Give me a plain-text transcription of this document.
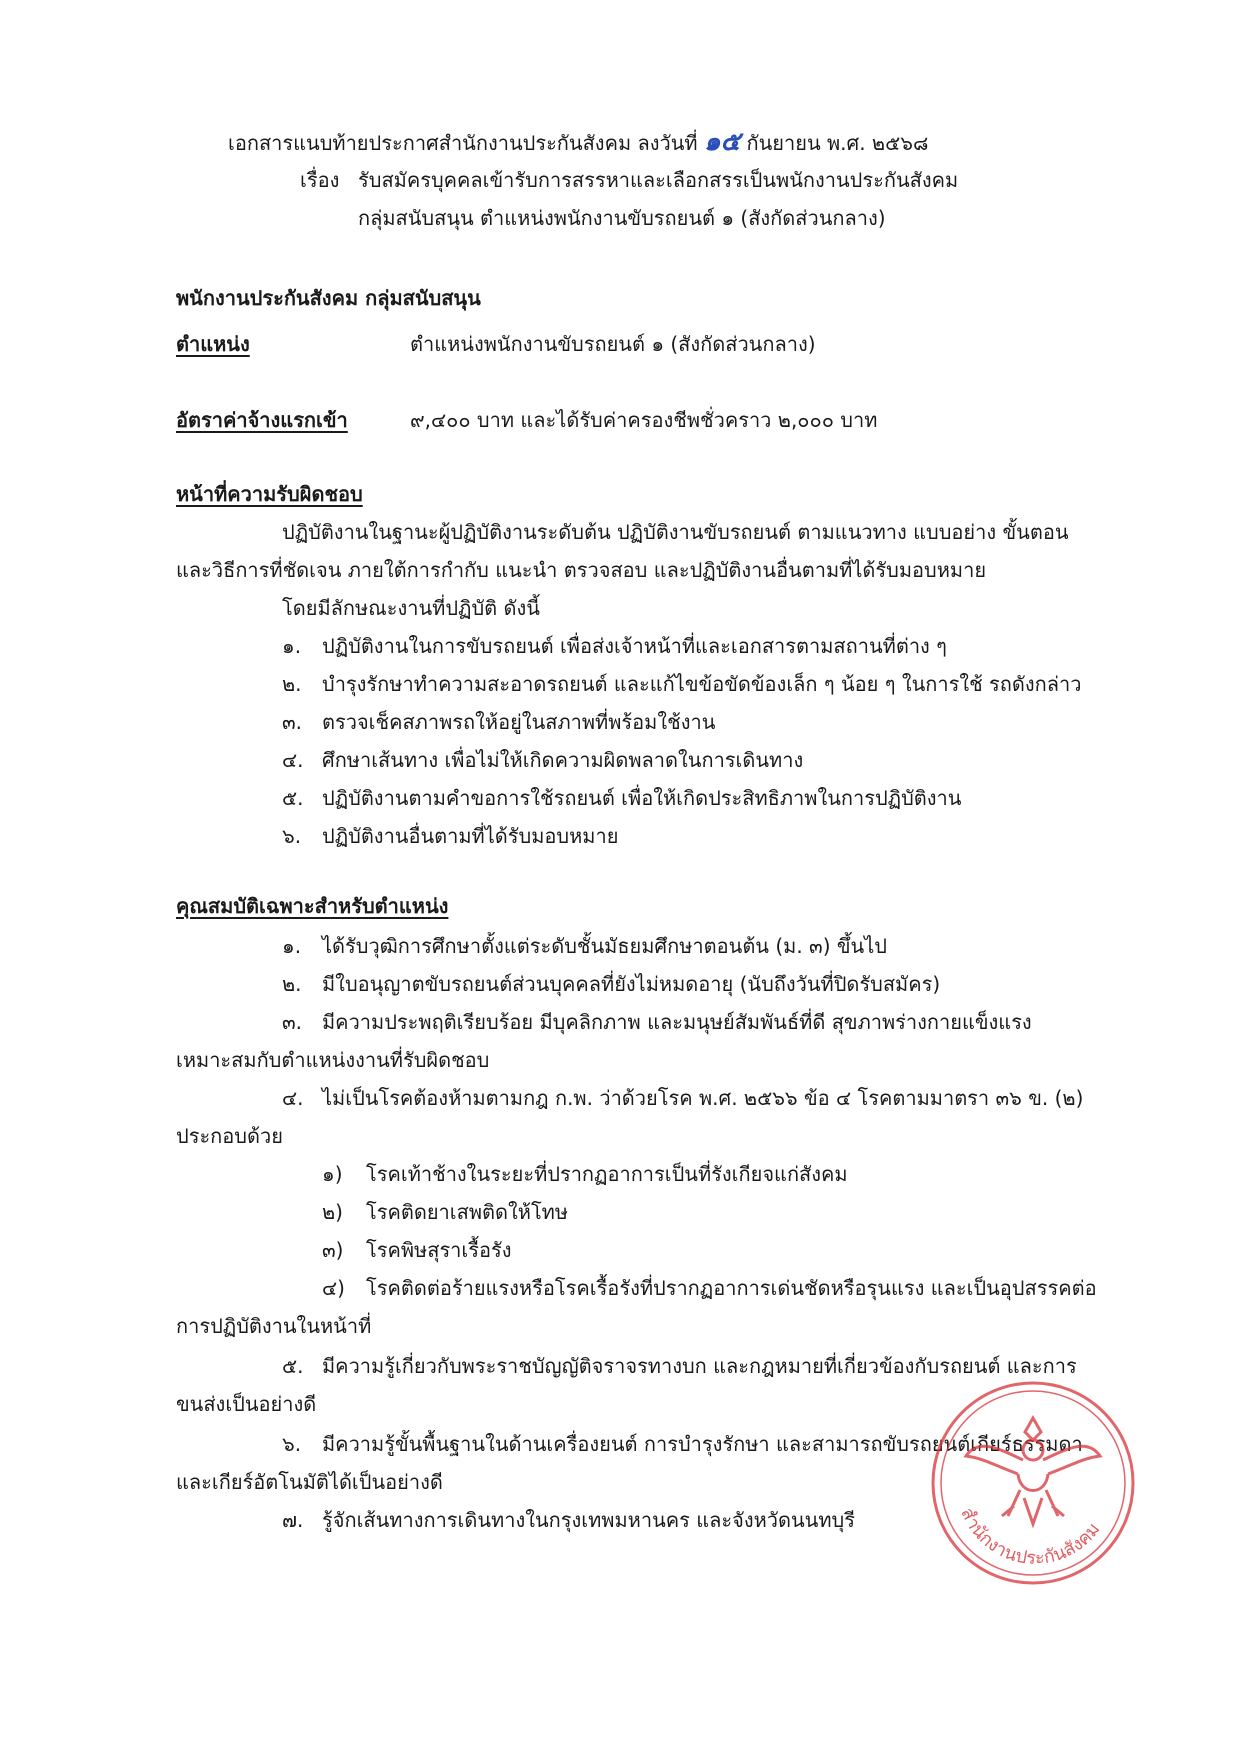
เอกสารแนบท้ายประกาศสำนักงานประกันสังคม ลงวันที่ ๑๕ กันยายน พ.ศ. ๒๕๖๘
เรื่อง รับสมัครบุคคลเข้ารับการสรรหาและเลือกสรรเป็นพนักงานประกันสังคม
กลุ่มสนับสนุน ตำแหน่งพนักงานขับรถยนต์ ๑ (สังกัดส่วนกลาง)
พนักงานประกันสังคม กลุ่มสนับสนุน
ตำแหน่ง	ตำแหน่งพนักงานขับรถยนต์ ๑ (สังกัดส่วนกลาง)
อัตราค่าจ้างแรกเข้า	๙,๔๐๐ บาท และได้รับค่าครองชีพชั่วคราว ๒,๐๐๐ บาท
หน้าที่ความรับผิดชอบ
ปฏิบัติงานในฐานะผู้ปฏิบัติงานระดับต้น ปฏิบัติงานขับรถยนต์ ตามแนวทาง แบบอย่าง ขั้นตอน
และวิธีการที่ชัดเจน ภายใต้การกำกับ แนะนำ ตรวจสอบ และปฏิบัติงานอื่นตามที่ได้รับมอบหมาย
โดยมีลักษณะงานที่ปฏิบัติ ดังนี้
๑. ปฏิบัติงานในการขับรถยนต์ เพื่อส่งเจ้าหน้าที่และเอกสารตามสถานที่ต่าง ๆ
๒. บำรุงรักษาทำความสะอาดรถยนต์ และแก้ไขข้อขัดข้องเล็ก ๆ น้อย ๆ ในการใช้ รถดังกล่าว
๓. ตรวจเช็คสภาพรถให้อยู่ในสภาพที่พร้อมใช้งาน
๔. ศึกษาเส้นทาง เพื่อไม่ให้เกิดความผิดพลาดในการเดินทาง
๕. ปฏิบัติงานตามคำขอการใช้รถยนต์ เพื่อให้เกิดประสิทธิภาพในการปฏิบัติงาน
๖. ปฏิบัติงานอื่นตามที่ได้รับมอบหมาย
คุณสมบัติเฉพาะสำหรับตำแหน่ง
๑. ได้รับวุฒิการศึกษาตั้งแต่ระดับชั้นมัธยมศึกษาตอนต้น (ม. ๓) ขึ้นไป
๒. มีใบอนุญาตขับรถยนต์ส่วนบุคคลที่ยังไม่หมดอายุ (นับถึงวันที่ปิดรับสมัคร)
๓. มีความประพฤติเรียบร้อย มีบุคลิกภาพ และมนุษย์สัมพันธ์ที่ดี สุขภาพร่างกายแข็งแรง
เหมาะสมกับตำแหน่งงานที่รับผิดชอบ
๔. ไม่เป็นโรคต้องห้ามตามกฎ ก.พ. ว่าด้วยโรค พ.ศ. ๒๕๖๖ ข้อ ๔ โรคตามมาตรา ๓๖ ข. (๒)
ประกอบด้วย
๑) โรคเท้าช้างในระยะที่ปรากฏอาการเป็นที่รังเกียจแก่สังคม
๒) โรคติดยาเสพติดให้โทษ
๓) โรคพิษสุราเรื้อรัง
๔) โรคติดต่อร้ายแรงหรือโรคเรื้อรังที่ปรากฏอาการเด่นชัดหรือรุนแรง และเป็นอุปสรรคต่อ
การปฏิบัติงานในหน้าที่
๕. มีความรู้เกี่ยวกับพระราชบัญญัติจราจรทางบก และกฎหมายที่เกี่ยวข้องกับรถยนต์ และการ
ขนส่งเป็นอย่างดี
๖. มีความรู้ขั้นพื้นฐานในด้านเครื่องยนต์ การบำรุงรักษา และสามารถขับรถยนต์เกียร์ธรรมดา
และเกียร์อัตโนมัติได้เป็นอย่างดี
๗. รู้จักเส้นทางการเดินทางในกรุงเทพมหานคร และจังหวัดนนทบุรี	สำนักงานประกันสังคม
